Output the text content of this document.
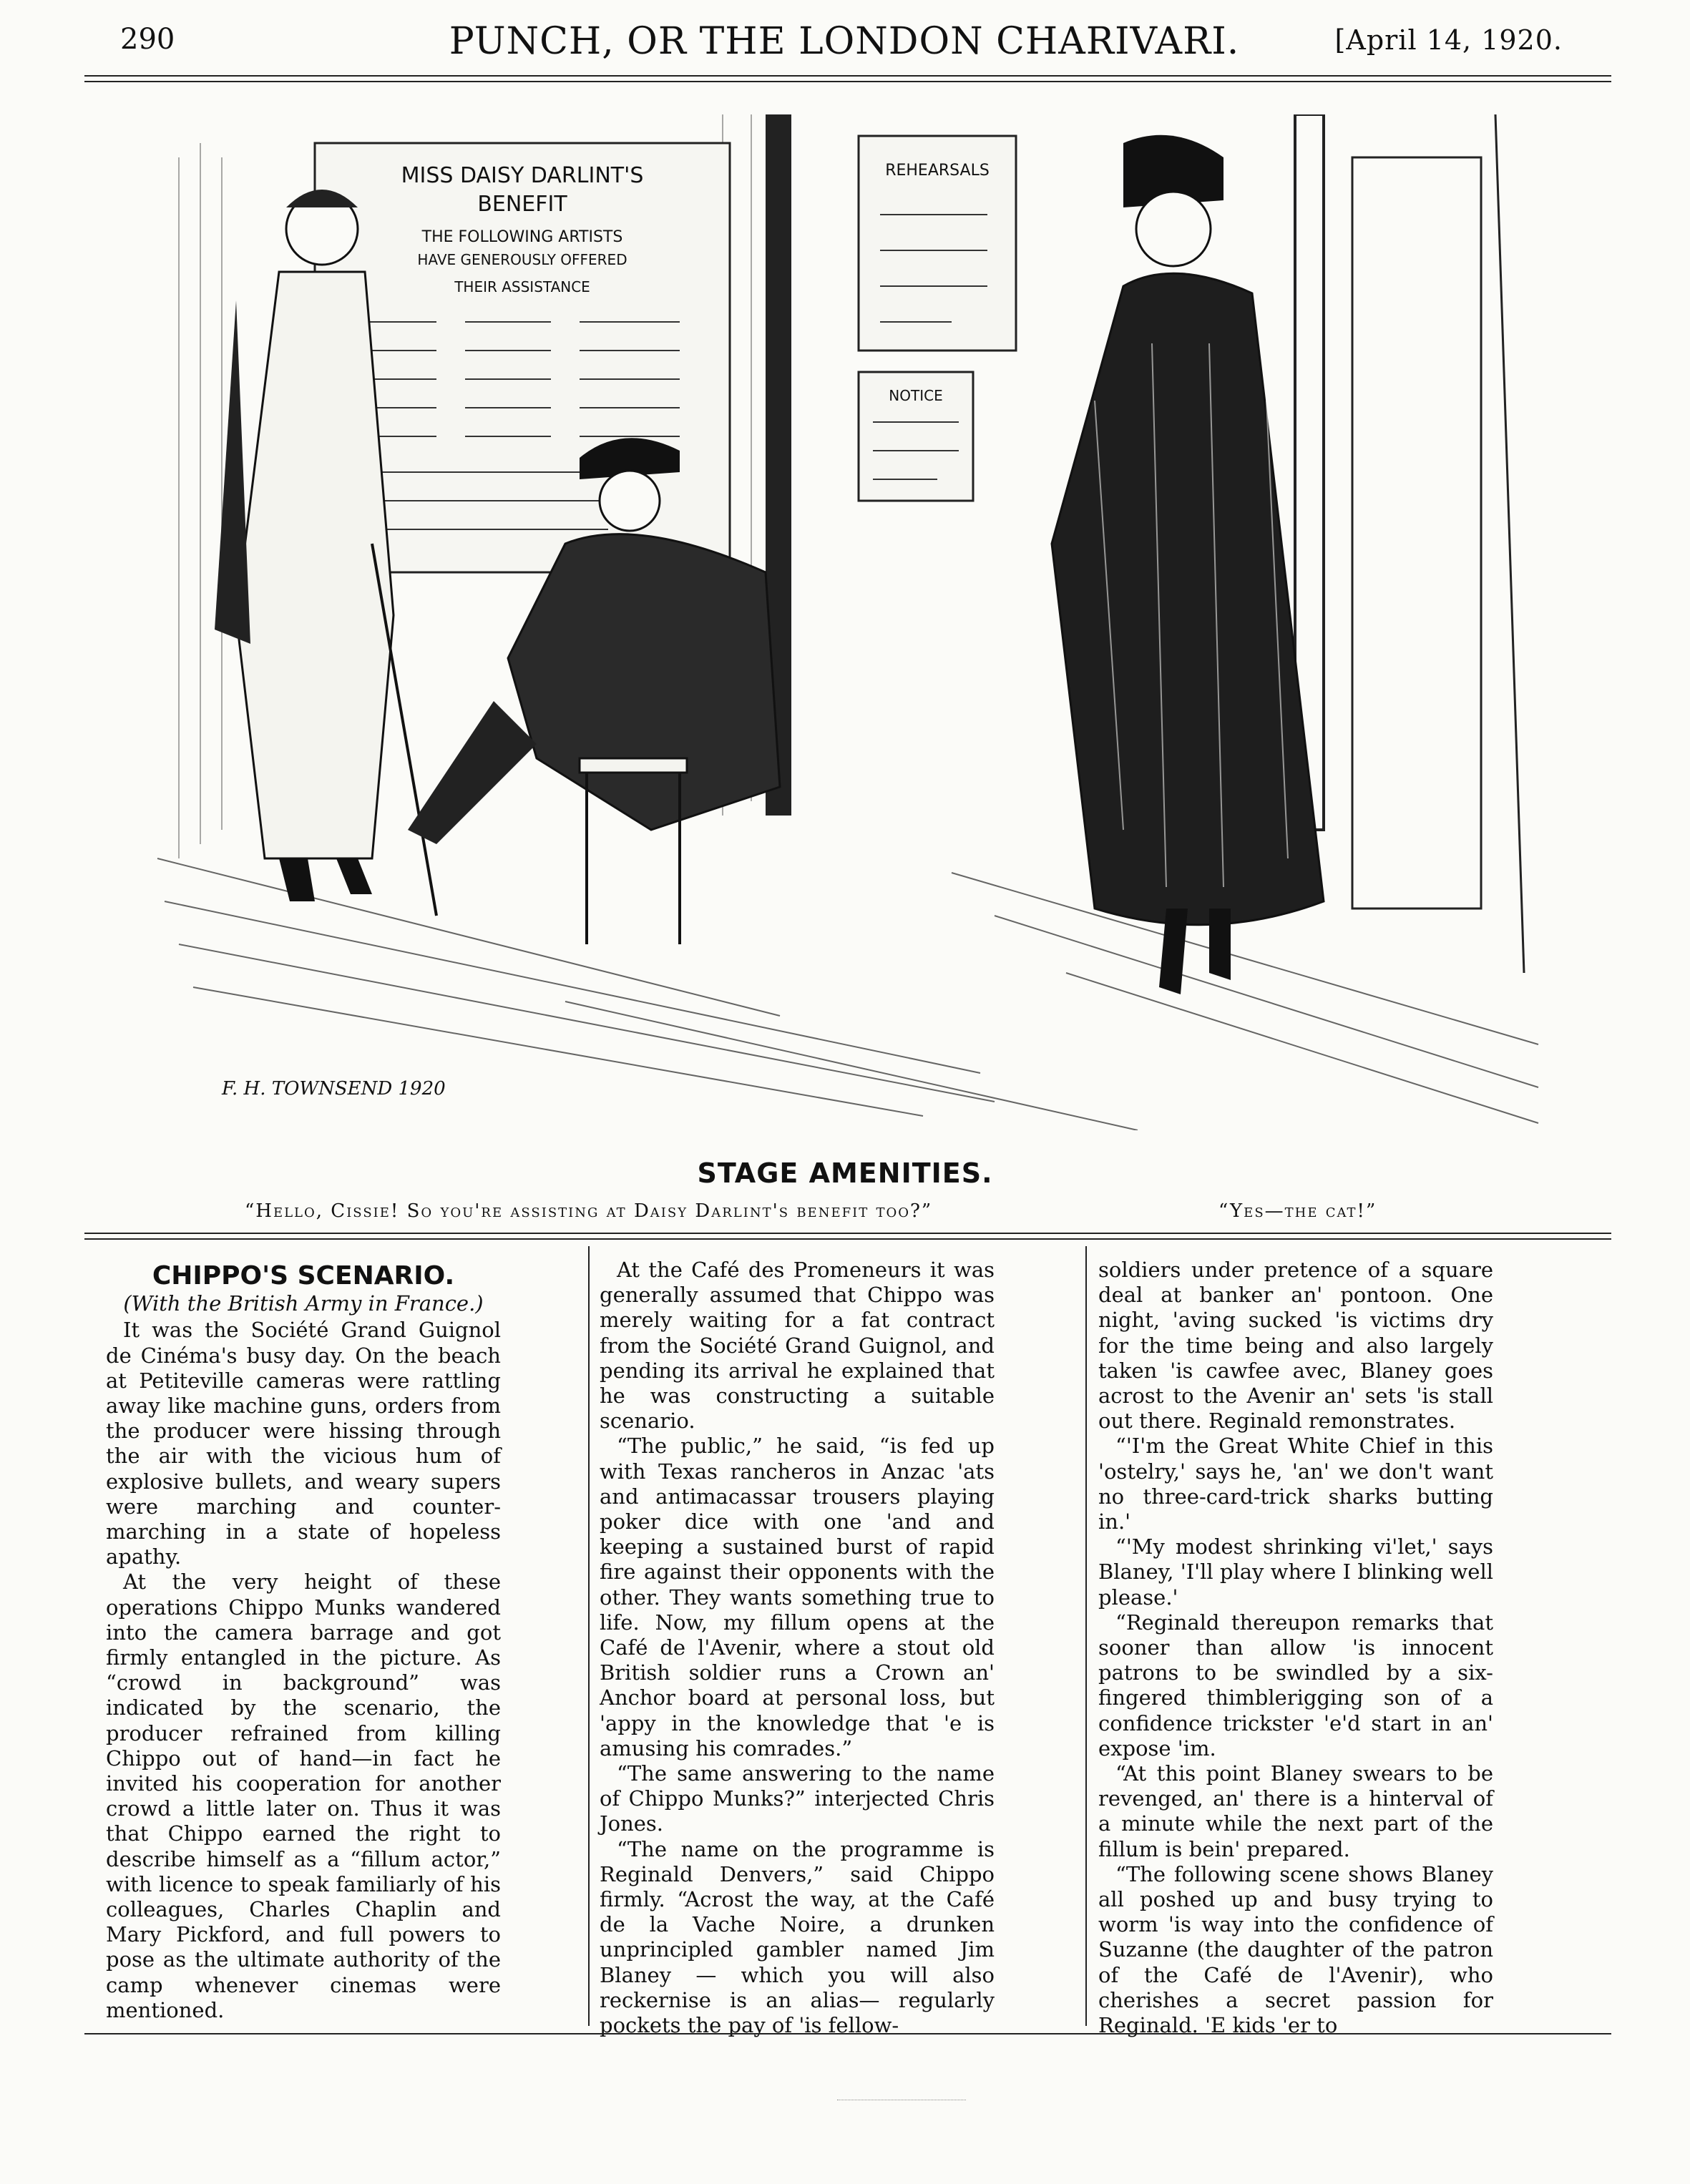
290	PUNCH, OR THE LONDON CHARIVARI.	[April 14, 1920.
MISS DAISY DARLINT'S
BENEFIT
THE FOLLOWING ARTISTS
HAVE GENEROUSLY OFFERED
THEIR ASSISTANCE
REHEARSALS
NOTICE
F. H. TOWNSEND 1920
STAGE AMENITIES.
“Hello, Cissie! So you're assisting at Daisy Darlint's benefit too?”	“Yes—the cat!”
CHIPPO'S SCENARIO.
(With the British Army in France.)

It was the Société Grand Guignol de Cinéma's busy day. On the beach at Petiteville cameras were rattling away like machine guns, orders from the producer were hissing through the air with the vicious hum of explosive bullets, and weary supers were marching and counter-marching in a state of hopeless apathy.

At the very height of these operations Chippo Munks wandered into the camera barrage and got firmly entangled in the picture. As “crowd in background” was indicated by the scenario, the producer refrained from killing Chippo out of hand—in fact he invited his cooperation for another crowd a little later on. Thus it was that Chippo earned the right to describe himself as a “fillum actor,” with licence to speak familiarly of his colleagues, Charles Chaplin and Mary Pickford, and full powers to pose as the ultimate authority of the camp whenever cinemas were mentioned.

At the Café des Promeneurs it was generally assumed that Chippo was merely waiting for a fat contract from the Société Grand Guignol, and pending its arrival he explained that he was constructing a suitable scenario.

“The public,” he said, “is fed up with Texas rancheros in Anzac 'ats and antimacassar trousers playing poker dice with one 'and and keeping a sustained burst of rapid fire against their opponents with the other. They wants something true to life. Now, my fillum opens at the Café de l'Avenir, where a stout old British soldier runs a Crown an' Anchor board at personal loss, but 'appy in the knowledge that 'e is amusing his comrades.”

“The same answering to the name of Chippo Munks?” interjected Chris Jones.

“The name on the programme is Reginald Denvers,” said Chippo firmly. “Acrost the way, at the Café de la Vache Noire, a drunken unprincipled gambler named Jim Blaney — which you will also reckernise is an alias— regularly pockets the pay of 'is fellow-

soldiers under pretence of a square deal at banker an' pontoon. One night, 'aving sucked 'is victims dry for the time being and also largely taken 'is cawfee avec, Blaney goes acrost to the Avenir an' sets 'is stall out there. Reginald remonstrates.

“'I'm the Great White Chief in this 'ostelry,' says he, 'an' we don't want no three-card-trick sharks butting in.'

“'My modest shrinking vi'let,' says Blaney, 'I'll play where I blinking well please.'

“Reginald thereupon remarks that sooner than allow 'is innocent patrons to be swindled by a six-fingered thimblerigging son of a confidence trickster 'e'd start in an' expose 'im.

“At this point Blaney swears to be revenged, an' there is a hinterval of a minute while the next part of the fillum is bein' prepared.

“The following scene shows Blaney all poshed up and busy trying to worm 'is way into the confidence of Suzanne (the daughter of the patron of the Café de l'Avenir), who cherishes a secret passion for Reginald. 'E kids 'er to
